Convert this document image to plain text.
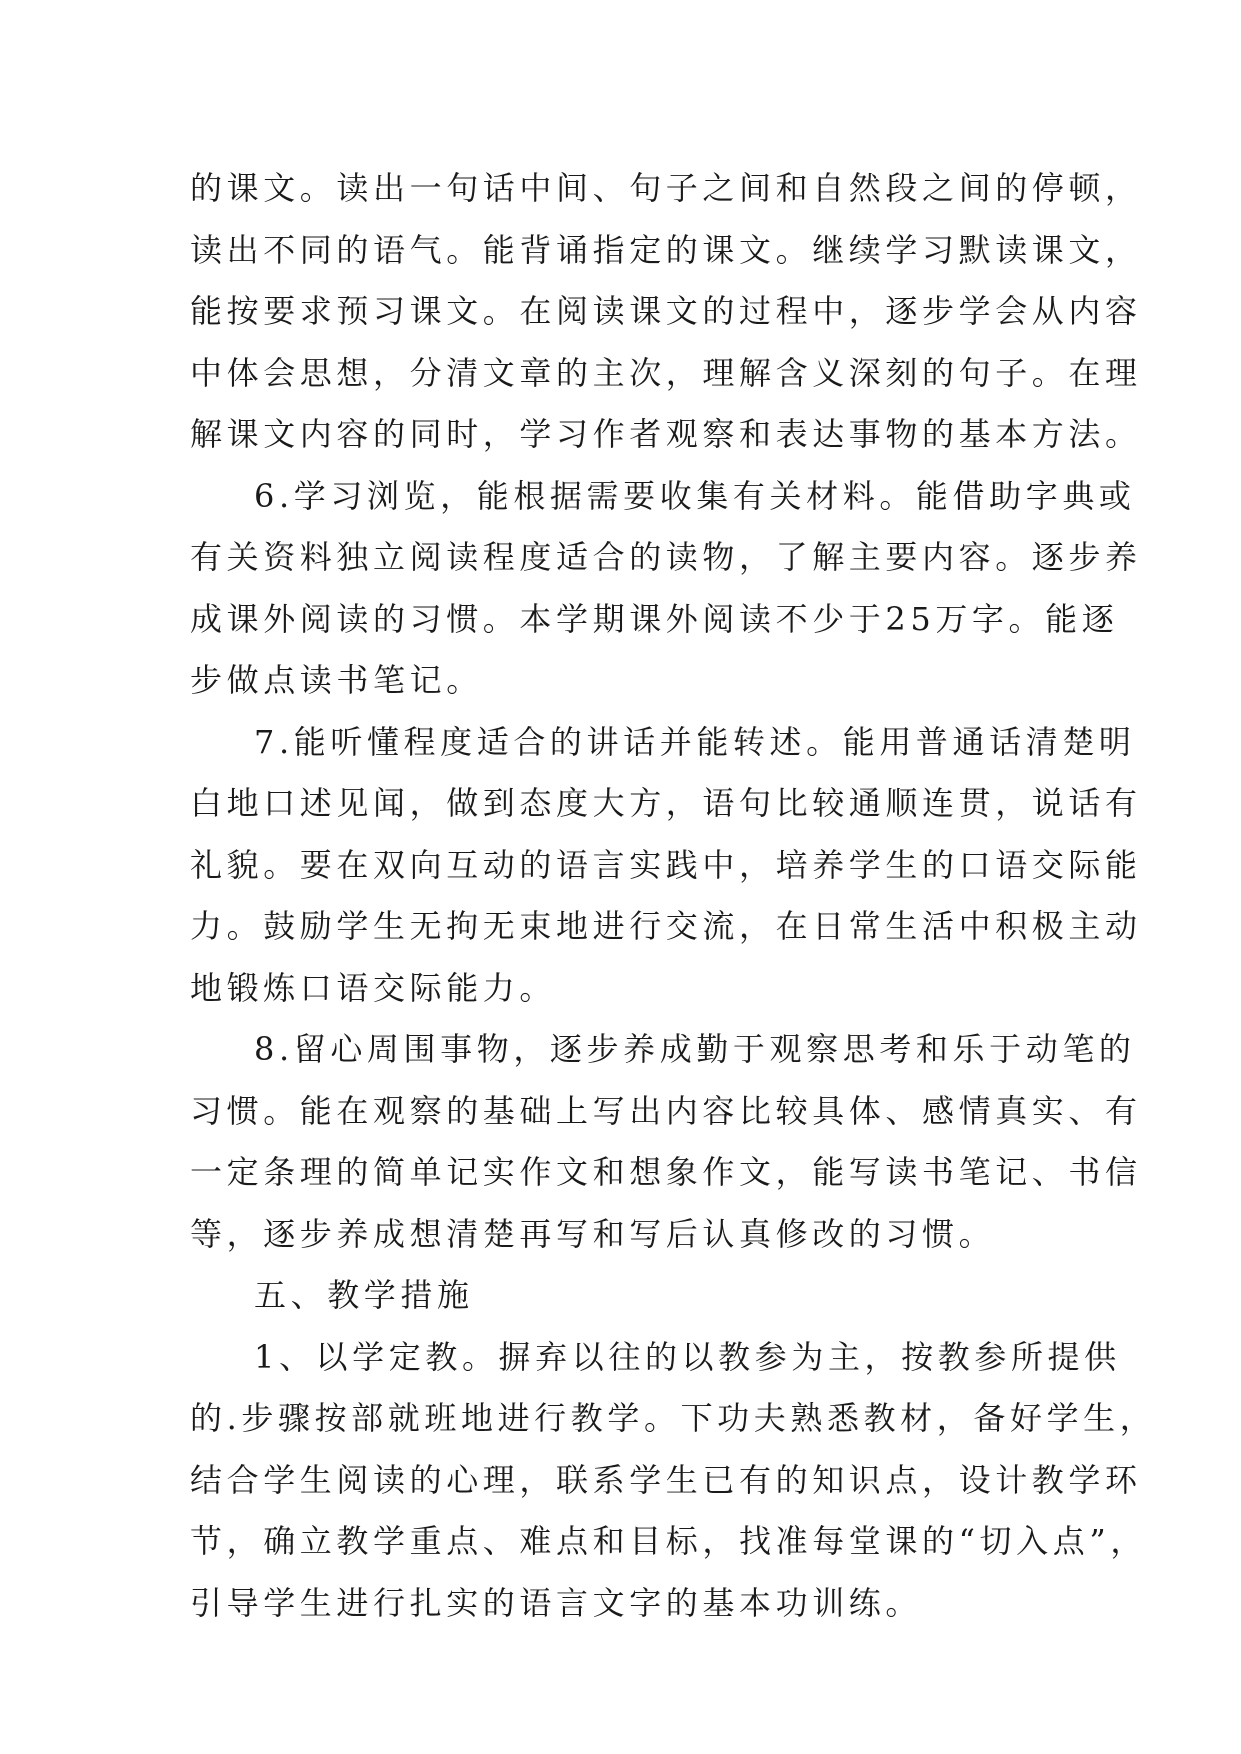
的课文。读出一句话中间、句子之间和自然段之间的停顿，
读出不同的语气。能背诵指定的课文。继续学习默读课文，
能按要求预习课文。在阅读课文的过程中，逐步学会从内容
中体会思想，分清文章的主次，理解含义深刻的句子。在理
解课文内容的同时，学习作者观察和表达事物的基本方法。
6.学习浏览，能根据需要收集有关材料。能借助字典或
有关资料独立阅读程度适合的读物，了解主要内容。逐步养
成课外阅读的习惯。本学期课外阅读不少于25万字。能逐
步做点读书笔记。
7.能听懂程度适合的讲话并能转述。能用普通话清楚明
白地口述见闻，做到态度大方，语句比较通顺连贯，说话有
礼貌。要在双向互动的语言实践中，培养学生的口语交际能
力。鼓励学生无拘无束地进行交流，在日常生活中积极主动
地锻炼口语交际能力。
8.留心周围事物，逐步养成勤于观察思考和乐于动笔的
习惯。能在观察的基础上写出内容比较具体、感情真实、有
一定条理的简单记实作文和想象作文，能写读书笔记、书信
等，逐步养成想清楚再写和写后认真修改的习惯。
五、教学措施
1、以学定教。摒弃以往的以教参为主，按教参所提供
的.步骤按部就班地进行教学。下功夫熟悉教材，备好学生，
结合学生阅读的心理，联系学生已有的知识点，设计教学环
节，确立教学重点、难点和目标，找准每堂课的“切入点”，
引导学生进行扎实的语言文字的基本功训练。
